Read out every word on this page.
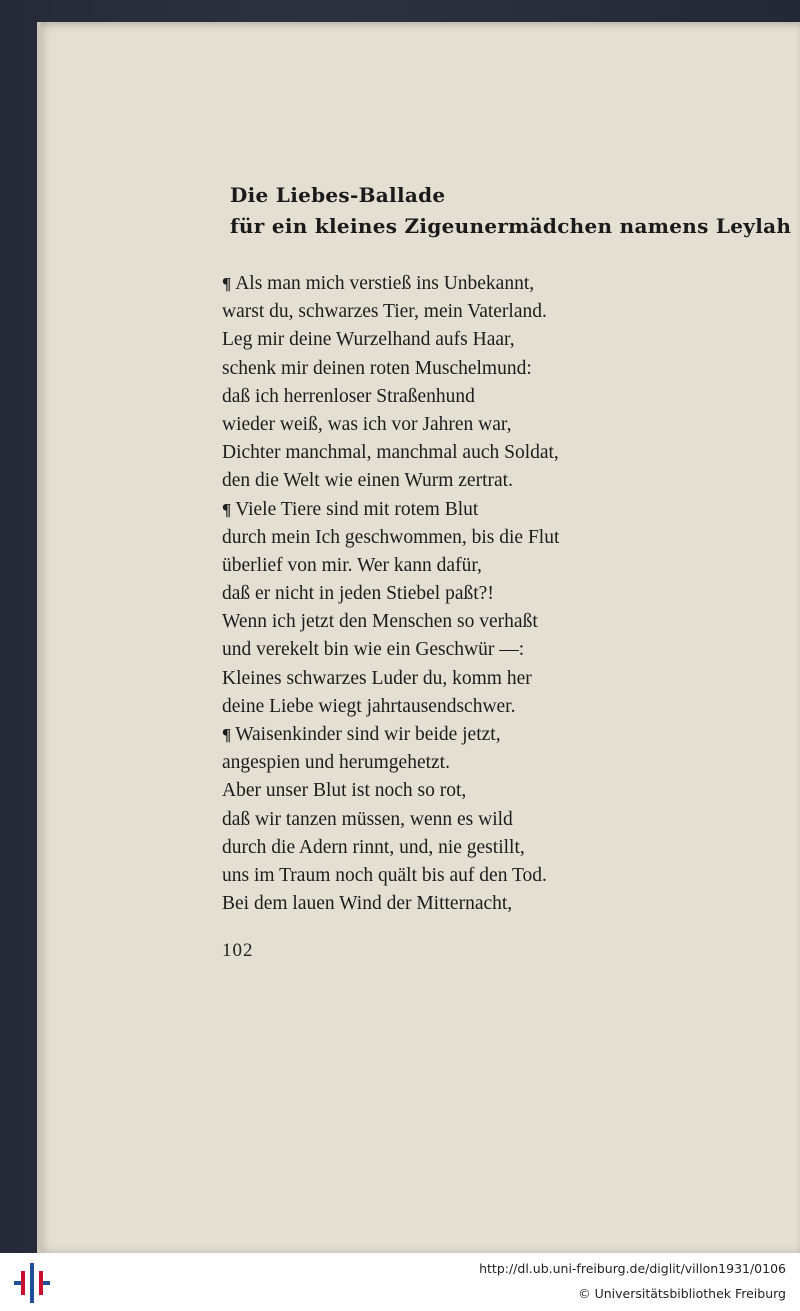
Die Liebes-Ballade
für ein kleines Zigeunermädchen namens Leylah
¶ Als man mich verstieß ins Unbekannt,
warst du, schwarzes Tier, mein Vaterland.
Leg mir deine Wurzelhand aufs Haar,
schenk mir deinen roten Muschelmund:
daß ich herrenloser Straßenhund
wieder weiß, was ich vor Jahren war,
Dichter manchmal, manchmal auch Soldat,
den die Welt wie einen Wurm zertrat.
¶ Viele Tiere sind mit rotem Blut
durch mein Ich geschwommen, bis die Flut
überlief von mir. Wer kann dafür,
daß er nicht in jeden Stiebel paßt?!
Wenn ich jetzt den Menschen so verhaßt
und verekelt bin wie ein Geschwür —:
Kleines schwarzes Luder du, komm her
deine Liebe wiegt jahrtausendschwer.
¶ Waisenkinder sind wir beide jetzt,
angespien und herumgehetzt.
Aber unser Blut ist noch so rot,
daß wir tanzen müssen, wenn es wild
durch die Adern rinnt, und, nie gestillt,
uns im Traum noch quält bis auf den Tod.
Bei dem lauen Wind der Mitternacht,
102
http://dl.ub.uni-freiburg.de/diglit/villon1931/0106
© Universitätsbibliothek Freiburg
